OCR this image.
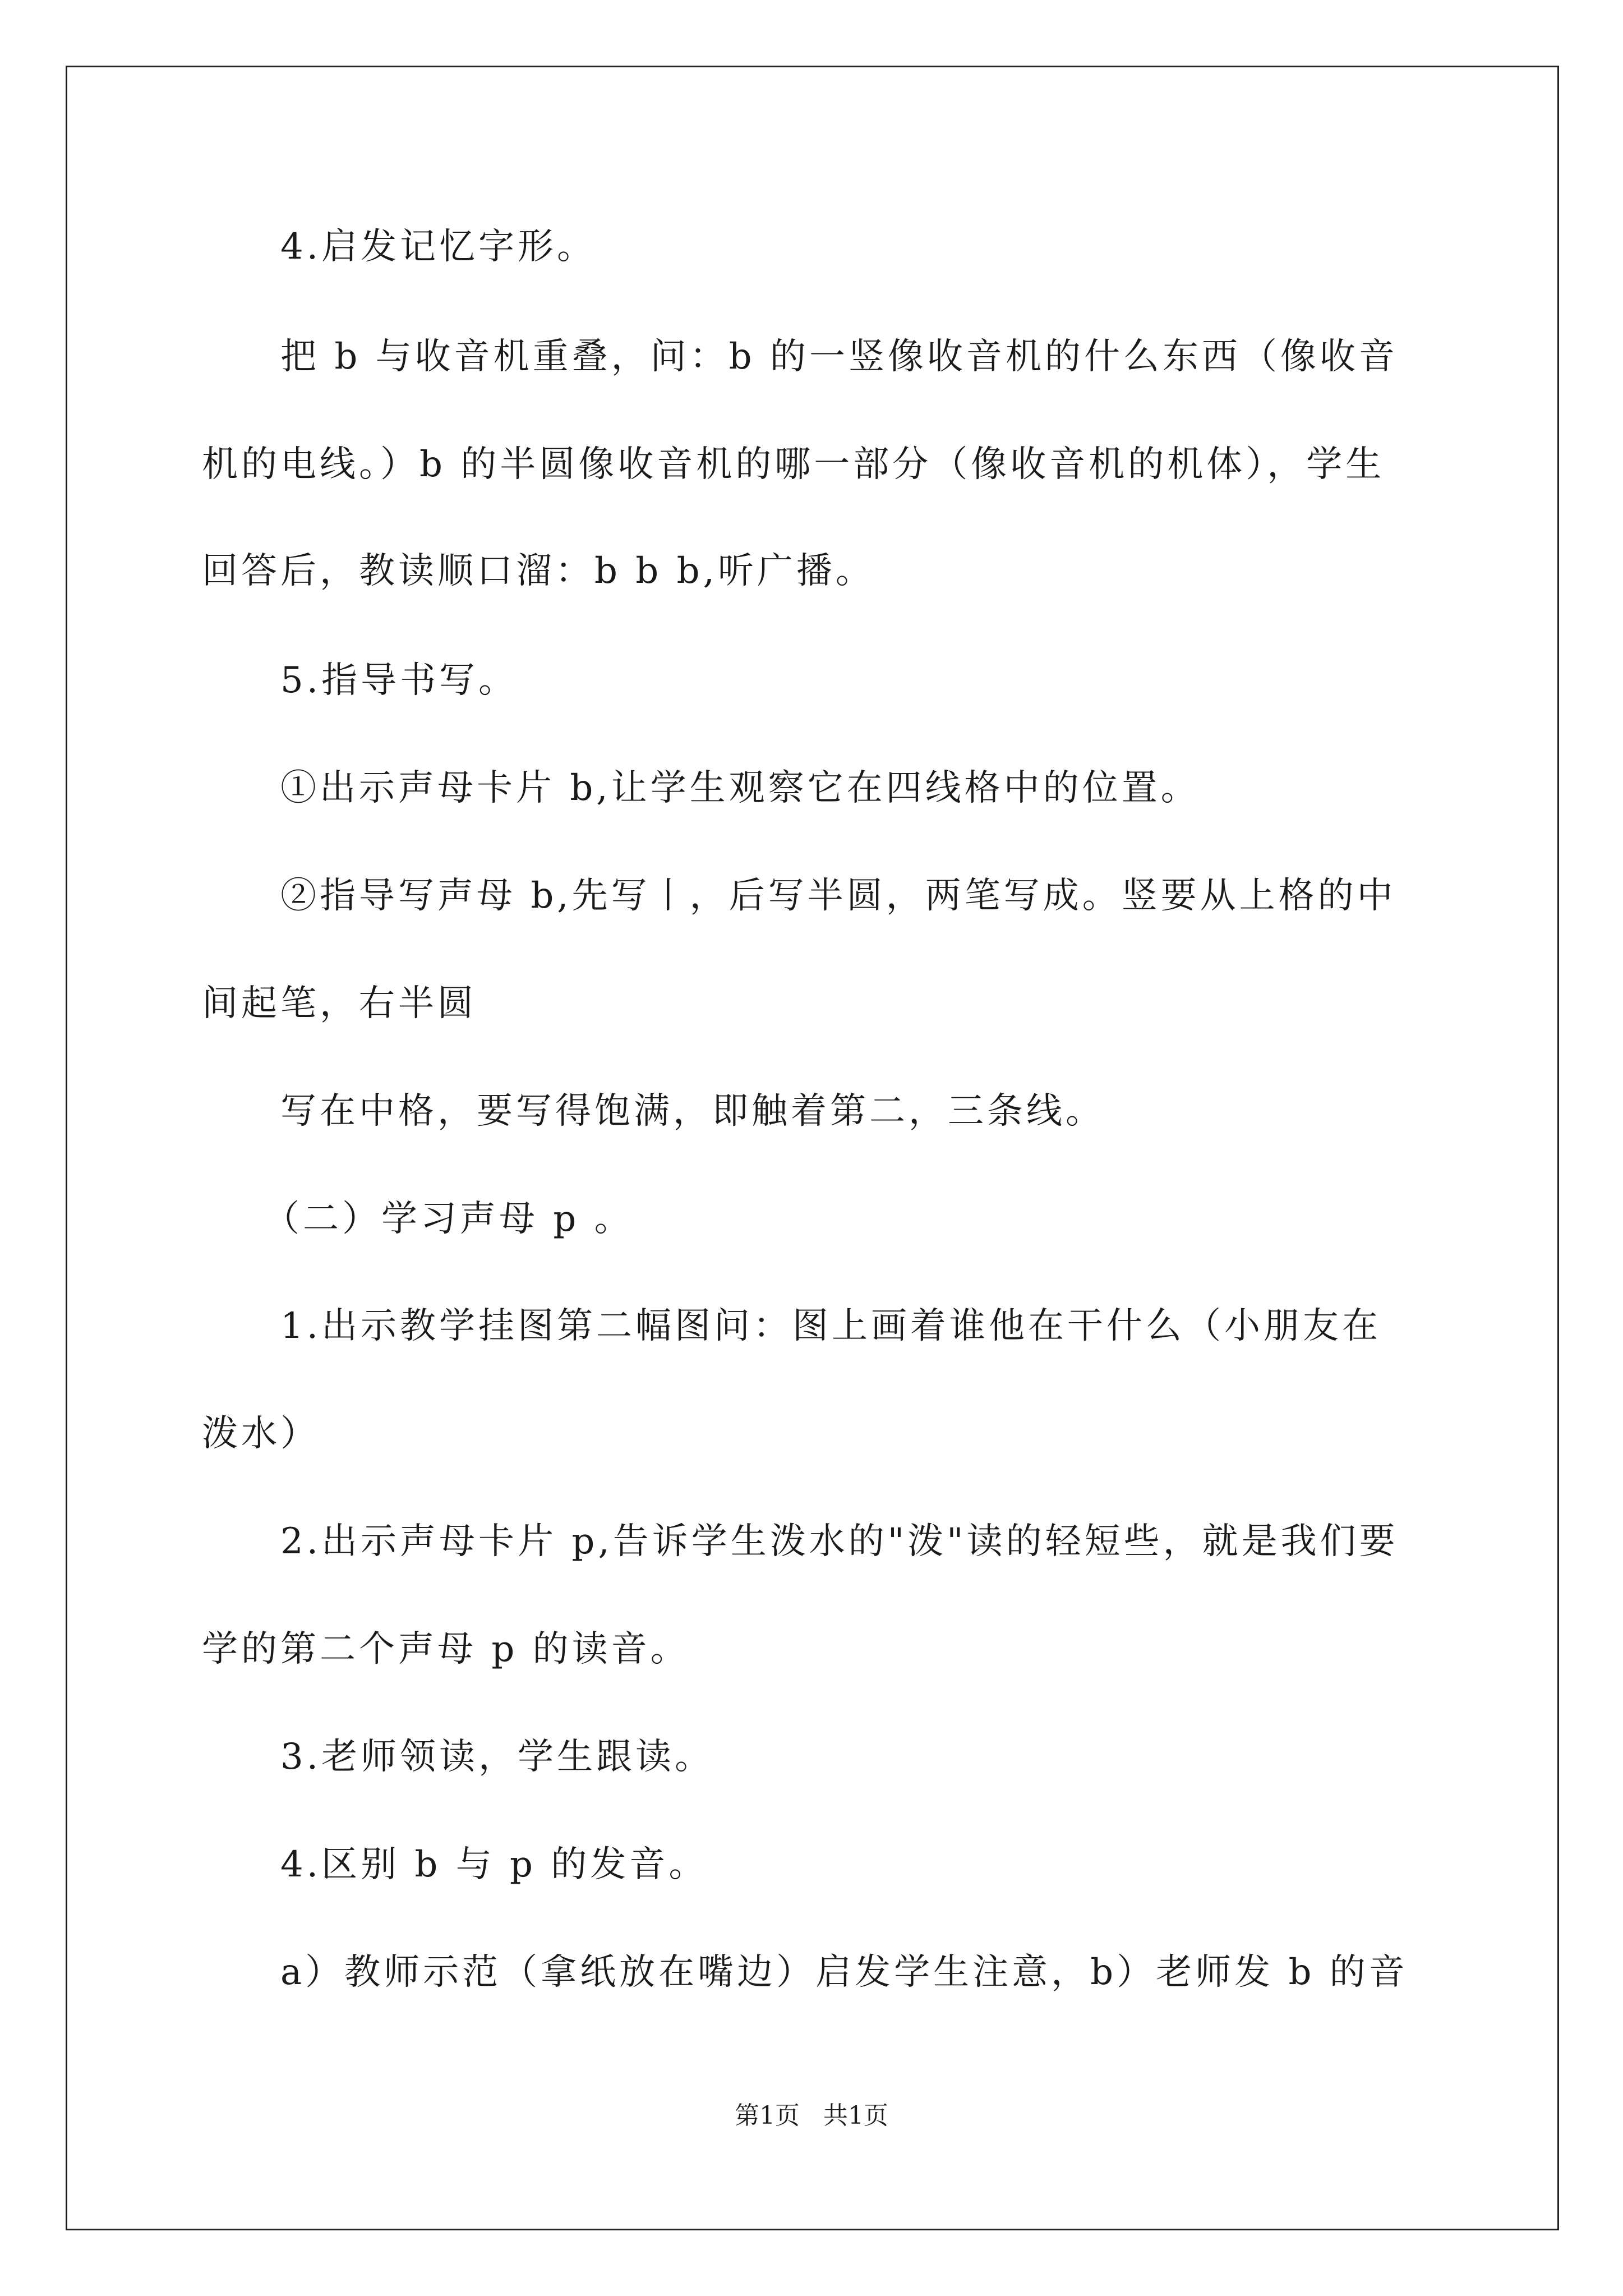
4.启发记忆字形。
把 b 与收音机重叠，问：b 的一竖像收音机的什么东西（像收音
机的电线。）b 的半圆像收音机的哪一部分（像收音机的机体），学生
回答后，教读顺口溜：b b b,听广播。
5.指导书写。
①出示声母卡片 b,让学生观察它在四线格中的位置。
②指导写声母 b,先写丨，后写半圆，两笔写成。竖要从上格的中
间起笔，右半圆
写在中格，要写得饱满，即触着第二，三条线。
（二）学习声母 p 。
1.出示教学挂图第二幅图问：图上画着谁他在干什么（小朋友在
泼水）
2.出示声母卡片 p,告诉学生泼水的"泼"读的轻短些，就是我们要
学的第二个声母 p 的读音。
3.老师领读，学生跟读。
4.区别 b 与 p 的发音。
a）教师示范（拿纸放在嘴边）启发学生注意，b）老师发 b 的音
第1页   共1页
